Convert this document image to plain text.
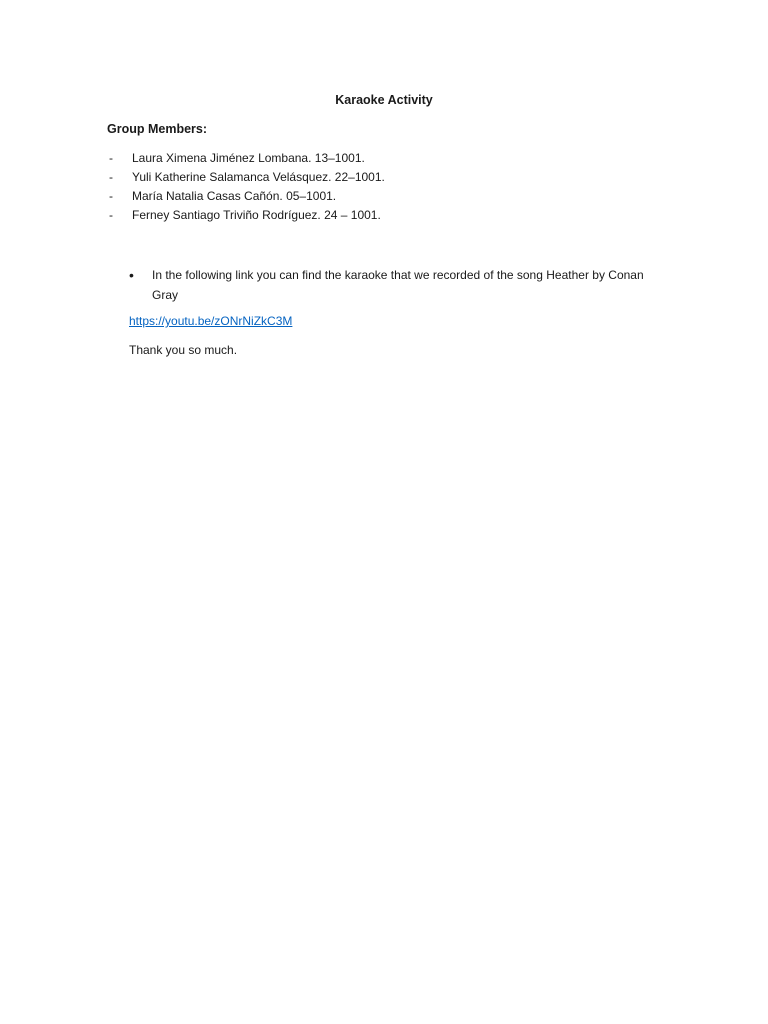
Karaoke Activity
Group Members:
- Laura Ximena Jiménez Lombana. 13–1001.
- Yuli Katherine Salamanca Velásquez. 22–1001.
- María Natalia Casas Cañón. 05–1001.
- Ferney Santiago Triviño Rodríguez. 24 – 1001.
• In the following link you can find the karaoke that we recorded of the song Heather by Conan Gray
https://youtu.be/zONrNiZkC3M
Thank you so much.
